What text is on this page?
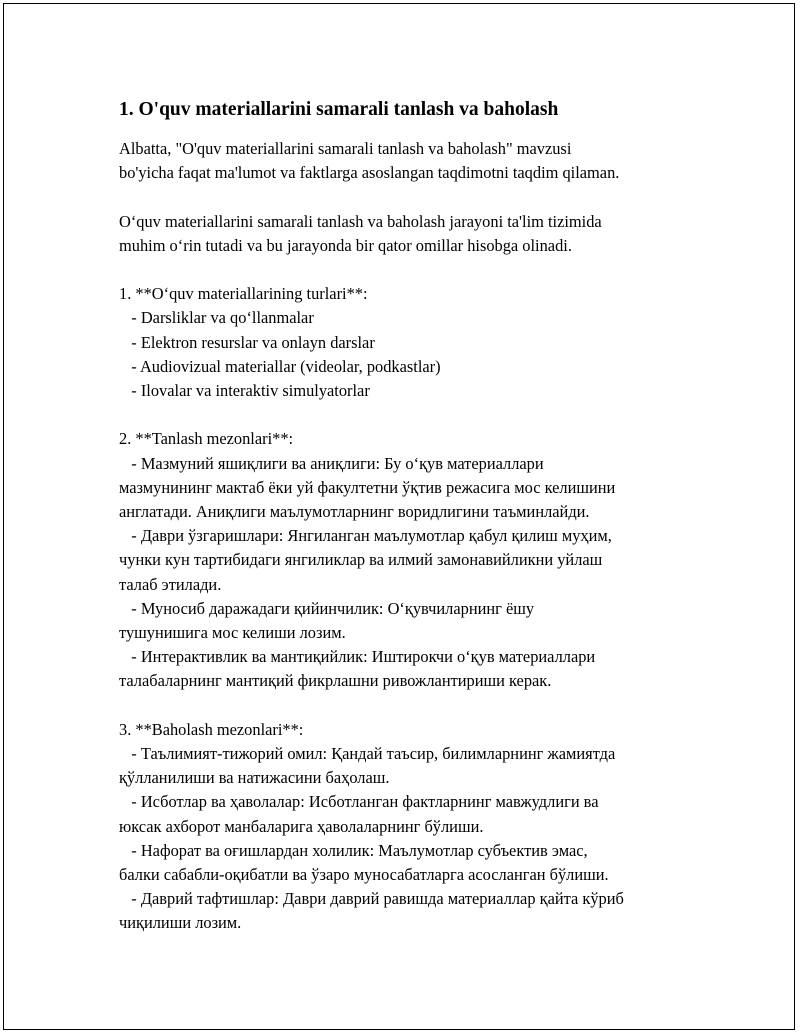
1. O'quv materiallarini samarali tanlash va baholash
Albatta, "O'quv materiallarini samarali tanlash va baholash" mavzusi
bo'yicha faqat ma'lumot va faktlarga asoslangan taqdimotni taqdim qilaman.
O‘quv materiallarini samarali tanlash va baholash jarayoni ta'lim tizimida
muhim o‘rin tutadi va bu jarayonda bir qator omillar hisobga olinadi.
1. **O‘quv materiallarining turlari**:
- Darsliklar va qo‘llanmalar
- Elektron resurslar va onlayn darslar
- Audiovizual materiallar (videolar, podkastlar)
- Ilovalar va interaktiv simulyatorlar
2. **Tanlash mezonlari**:
- Мазмуний яшиқлиги ва аниқлиги: Бу о‘қув материаллари
мазмунининг мактаб ёки уй факултетни ўқтив режасига мос келишини
англатади. Аниқлиги маълумотларнинг воридлигини таъминлайди.
- Даври ўзгаришлари: Янгиланган маълумотлар қабул қилиш муҳим,
чунки кун тартибидаги янгиликлар ва илмий замонавийликни уйлаш
талаб этилади.
- Муносиб даражадаги қийинчилик: О‘қувчиларнинг ёшу
тушунишига мос келиши лозим.
- Интерактивлик ва мантиқийлик: Иштирокчи о‘қув материаллари
талабаларнинг мантиқий фикрлашни ривожлантириши керак.
3. **Baholash mezonlari**:
- Таълимият-тижорий омил: Қандай таъсир, билимларнинг жамиятда
қўлланилиши ва натижасини баҳолаш.
- Исботлар ва ҳаволалар: Исботланган фактларнинг мавжудлиги ва
юксак ахборот манбаларига ҳаволаларнинг бўлиши.
- Нафорат ва оғишлардан холилик: Маълумотлар субъектив эмас,
балки сабабли-оқибатли ва ўзаро муносабатларга асосланган бўлиши.
- Даврий тафтишлар: Даври даврий равишда материаллар қайта кўриб
чиқилиши лозим.
